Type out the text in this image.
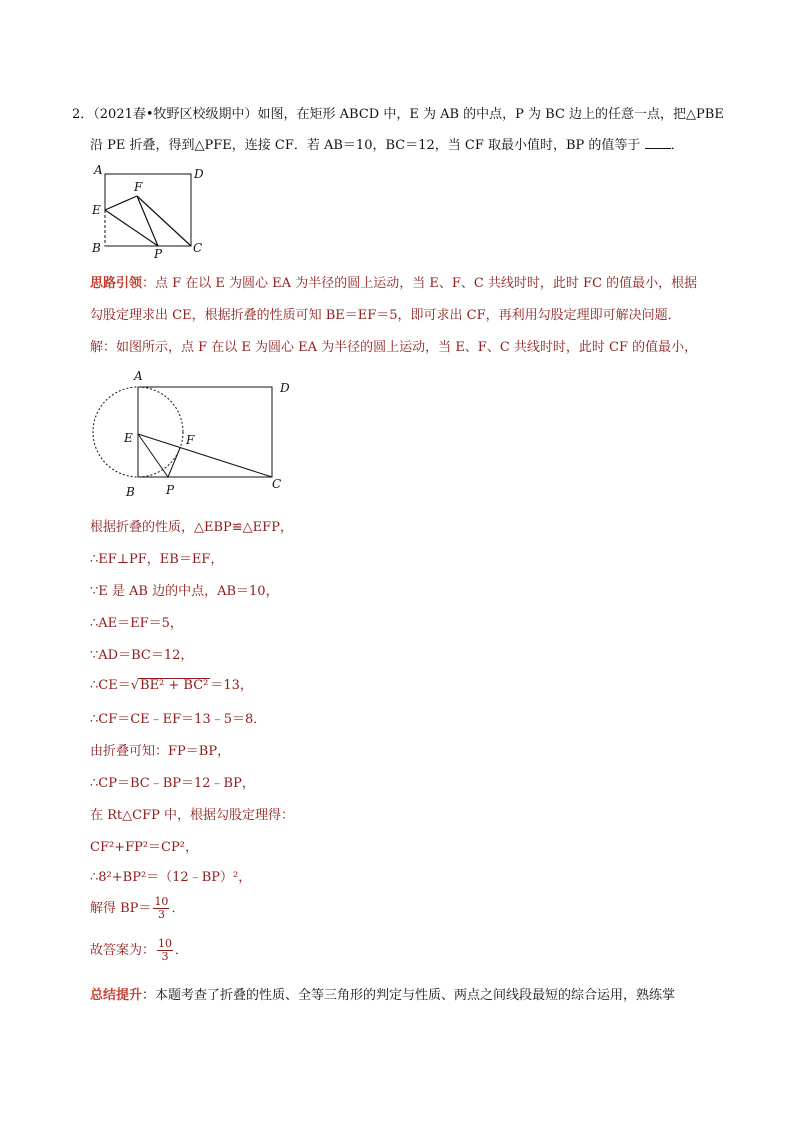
2．（2021春•牧野区校级期中）如图，在矩形 ABCD 中，E 为 AB 的中点，P 为 BC 边上的任意一点，把△PBE
沿 PE 折叠，得到△PFE，连接 CF．若 AB＝10，BC＝12，当 CF 取最小值时，BP 的值等于 ．
A	D
F
E
B	P	C
思路引领：点 F 在以 E 为圆心 EA 为半径的圆上运动，当 E、F、C 共线时时，此时 FC 的值最小，根据
勾股定理求出 CE，根据折叠的性质可知 BE＝EF＝5，即可求出 CF，再利用勾股定理即可解决问题．
解：如图所示，点 F 在以 E 为圆心 EA 为半径的圆上运动，当 E、F、C 共线时时，此时 CF 的值最小，
A
D
E	F
B	P	C
根据折叠的性质，△EBP≌△EFP，
∴EF⊥PF，EB＝EF，
∵E 是 AB 边的中点，AB＝10，
∴AE＝EF＝5，
∵AD＝BC＝12，
∴CE＝√BE² + BC² ＝13，
∴CF＝CE﹣EF＝13﹣5＝8．
由折叠可知：FP＝BP，
∴CP＝BC﹣BP＝12﹣BP，
在 Rt△CFP 中，根据勾股定理得：
CF²+FP²＝CP²，
∴8²+BP²＝（12﹣BP）²，
解得 $BP= \frac{10}{3}$ ．
故答案为： $\frac{10}{3}$ ．
总结提升：本题考查了折叠的性质、全等三角形的判定与性质、两点之间线段最短的综合运用，熟练掌
